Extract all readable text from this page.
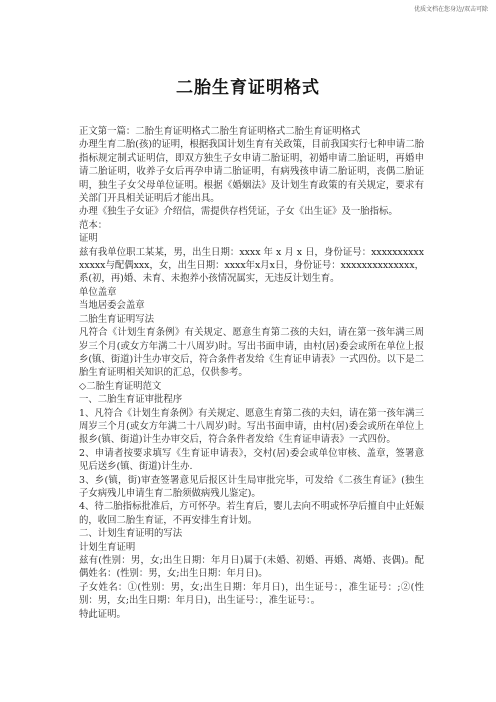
优质文档在您身边/双击可除
二胎生育证明格式

正文第一篇：二胎生育证明格式二胎生育证明格式二胎生育证明格式

办理生育二胎(孩)的证明，根据我国计划生育有关政策，目前我国实行七种申请二胎指标规定制式证明信，即双方独生子女申请二胎证明，初婚申请二胎证明，再婚申请二胎证明，收养子女后再孕申请二胎证明，有病残孩申请二胎证明，丧偶二胎证明，独生子女父母单位证明。根据《婚姻法》及计划生育政策的有关规定，要求有关部门开具相关证明后才能出具。

办理《独生子女证》介绍信，需提供存档凭证，子女《出生证》及一胎指标。

范本：

证明

兹有我单位职工某某，男，出生日期：xxxx 年 x 月 x 日，身份证号：xxxxxxxxxxxxxxx与配偶xxx，女，出生日期：xxxx年x月x日，身份证号：xxxxxxxxxxxxxx，系(初，再)婚、未育、未抱养小孩情况属实，无违反计划生育。

单位盖章

当地居委会盖章

二胎生育证明写法

凡符合《计划生育条例》有关规定、愿意生育第二孩的夫妇，请在第一孩年满三周岁三个月(或女方年满二十八周岁)时。写出书面申请，由村(居)委会或所在单位上报乡(镇、街道)计生办审交后，符合条件者发给《生育证申请表》一式四份。以下是二胎生育证明相关知识的汇总，仅供参考。

◇二胎生育证明范文

一、二胎生育证审批程序

1、凡符合《计划生育条例》有关规定、愿意生育第二孩的夫妇，请在第一孩年满三周岁三个月(或女方年满二十八周岁)时。写出书面申请，由村(居)委会或所在单位上报乡(镇、街道)计生办审交后，符合条件者发给《生育证申请表》一式四份。

2、申请者按要求填写《生育证申请表》，交村(居)委会或单位审核、盖章，签署意见后送乡(镇、街道)计生办.

3、乡(镇，街)审查签署意见后报区计生局审批完毕，可发给《二孩生育证》(独生子女病残儿申请生育二胎须做病残儿鉴定)。

4、待二胎指标批准后，方可怀孕。若生育后，婴儿去向不明或怀孕后擅自中止妊娠的，收回二胎生育证，不再安排生育计划。

二、计划生育证明的写法

计划生育证明

兹有(性别：男，女;出生日期：年月日)属于(未婚、初婚、再婚、离婚、丧偶)。配偶姓名：(性别：男，女;出生日期：年月日)。

子女姓名：①(性别：男，女;出生日期：年月日)，出生证号：，准生证号：;②(性别：男，女;出生日期：年月日)，出生证号：，准生证号：。

特此证明。
